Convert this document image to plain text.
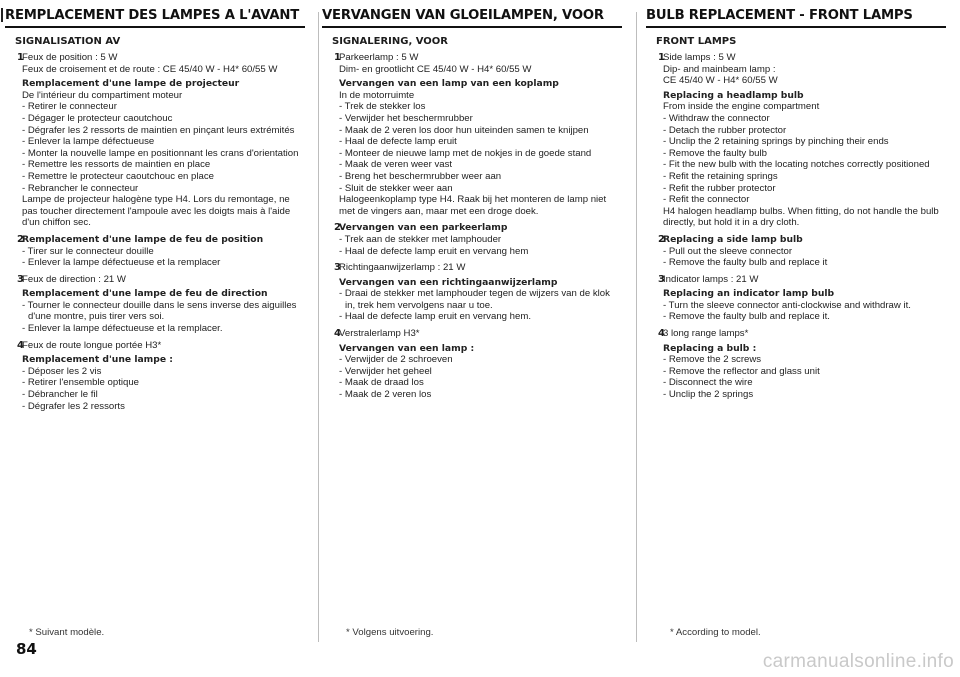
REMPLACEMENT DES LAMPES A L'AVANT
SIGNALISATION AV
1
Feux de position : 5 W
Feux de croisement et de route : CE 45/40 W - H4* 60/55 W
Remplacement d'une lampe de projecteur
De l'intérieur du compartiment moteur
- Retirer le connecteur
- Dégager le protecteur caoutchouc
- Dégrafer les 2 ressorts de maintien en pinçant leurs extrémités
- Enlever la lampe défectueuse
- Monter la nouvelle lampe en positionnant les crans d'orientation
- Remettre les ressorts de maintien en place
- Remettre le protecteur caoutchouc en place
- Rebrancher le connecteur
Lampe de projecteur halogène type H4. Lors du remontage, ne pas toucher directement l'ampoule avec les doigts mais à l'aide d'un chiffon sec.
2
Remplacement d'une lampe de feu de position
- Tirer sur le connecteur douille
- Enlever la lampe défectueuse et la remplacer
3
Feux de direction : 21 W
Remplacement d'une lampe de feu de direction
- Tourner le connecteur douille dans le sens inverse des aiguilles d'une montre, puis tirer vers soi.
- Enlever la lampe défectueuse et la remplacer.
4
Feux de route longue portée H3*
Remplacement d'une lampe :
- Déposer les 2 vis
- Retirer l'ensemble optique
- Débrancher le fil
- Dégrafer les 2 ressorts
* Suivant modèle.
VERVANGEN VAN GLOEILAMPEN, VOOR
SIGNALERING, VOOR
1
Parkeerlamp : 5 W
Dim- en grootlicht CE 45/40 W - H4* 60/55 W
Vervangen van een lamp van een koplamp
In de motorruimte
- Trek de stekker los
- Verwijder het beschermrubber
- Maak de 2 veren los door hun uiteinden samen te knijpen
- Haal de defecte lamp eruit
- Monteer de nieuwe lamp met de nokjes in de goede stand
- Maak de veren weer vast
- Breng het beschermrubber weer aan
- Sluit de stekker weer aan
Halogeenkoplamp type H4. Raak bij het monteren de lamp niet met de vingers aan, maar met een droge doek.
2
Vervangen van een parkeerlamp
- Trek aan de stekker met lamphouder
- Haal de defecte lamp eruit en vervang hem
3
Richtingaanwijzerlamp : 21 W
Vervangen van een richtingaanwijzerlamp
- Draai de stekker met lamphouder tegen de wijzers van de klok in, trek hem vervolgens naar u toe.
- Haal de defecte lamp eruit en vervang hem.
4
Verstralerlamp H3*
Vervangen van een lamp :
- Verwijder de 2 schroeven
- Verwijder het geheel
- Maak de draad los
- Maak de 2 veren los
* Volgens uitvoering.
BULB REPLACEMENT - FRONT LAMPS
FRONT LAMPS
1
Side lamps : 5 W
Dip- and mainbeam lamp :
CE 45/40 W - H4* 60/55 W
Replacing a headlamp bulb
From inside the engine compartment
- Withdraw the connector
- Detach the rubber protector
- Unclip the 2 retaining springs by pinching their ends
- Remove the faulty bulb
- Fit the new bulb with the locating notches correctly positioned
- Refit the retaining springs
- Refit the rubber protector
- Refit the connector
H4 halogen headlamp bulbs. When fitting, do not handle the bulb directly, but hold it in a dry cloth.
2
Replacing a side lamp bulb
- Pull out the sleeve connector
- Remove the faulty bulb and replace it
3
Indicator lamps : 21 W
Replacing an indicator lamp bulb
- Turn the sleeve connector anti-clockwise and withdraw it.
- Remove the faulty bulb and replace it.
4
3 long range lamps*
Replacing a bulb :
- Remove the 2 screws
- Remove the reflector and glass unit
- Disconnect the wire
- Unclip the 2 springs
* According to model.
84
carmanualsonline.info
